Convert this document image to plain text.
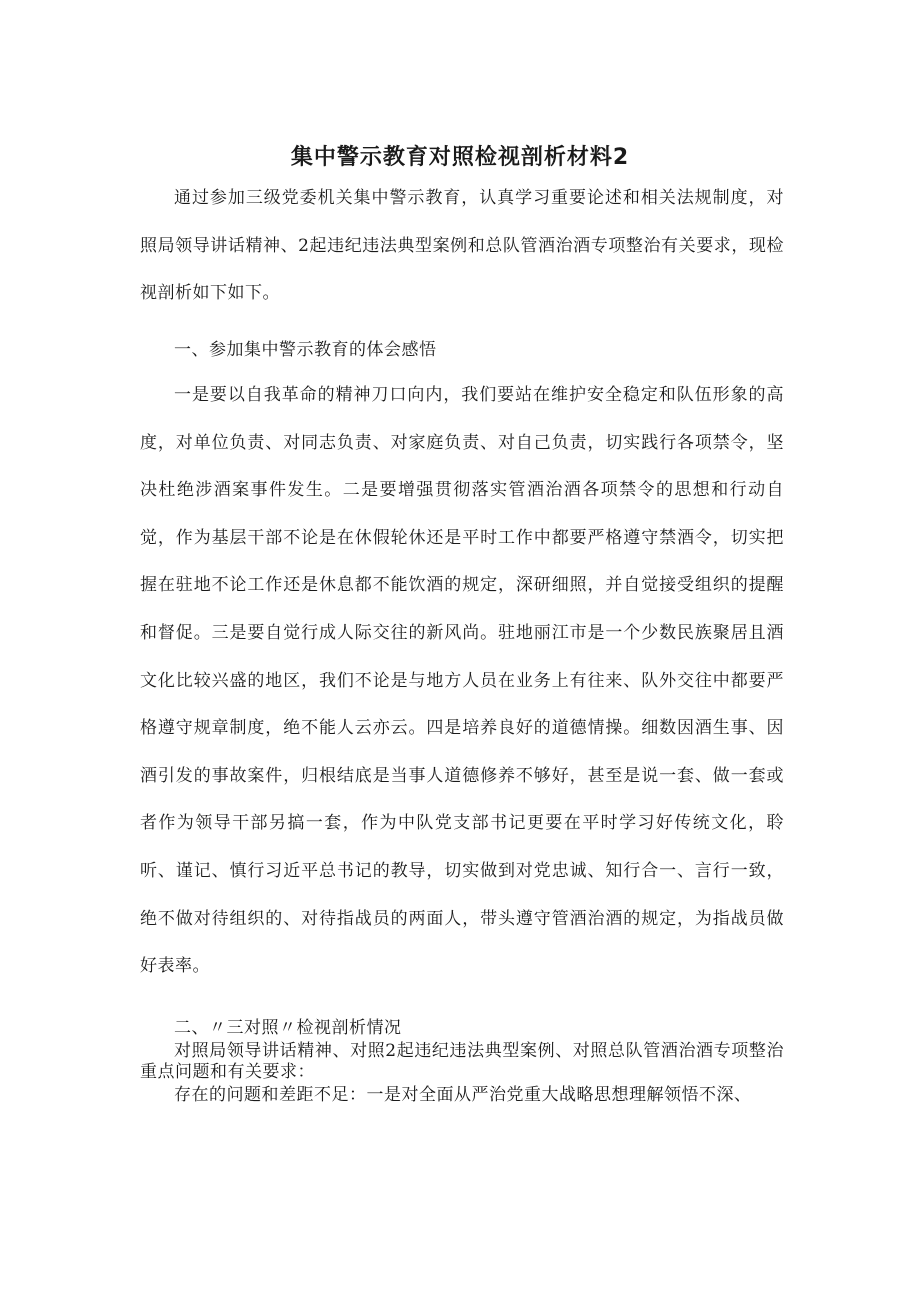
集中警示教育对照检视剖析材料2

通过参加三级党委机关集中警示教育，认真学习重要论述和相关法规制度，对照局领导讲话精神、2起违纪违法典型案例和总队管酒治酒专项整治有关要求，现检视剖析如下如下。

一、参加集中警示教育的体会感悟

一是要以自我革命的精神刀口向内，我们要站在维护安全稳定和队伍形象的高度，对单位负责、对同志负责、对家庭负责、对自己负责，切实践行各项禁令，坚决杜绝涉酒案事件发生。二是要增强贯彻落实管酒治酒各项禁令的思想和行动自觉，作为基层干部不论是在休假轮休还是平时工作中都要严格遵守禁酒令，切实把握在驻地不论工作还是休息都不能饮酒的规定，深研细照，并自觉接受组织的提醒和督促。三是要自觉行成人际交往的新风尚。驻地丽江市是一个少数民族聚居且酒文化比较兴盛的地区，我们不论是与地方人员在业务上有往来、队外交往中都要严格遵守规章制度，绝不能人云亦云。四是培养良好的道德情操。细数因酒生事、因酒引发的事故案件，归根结底是当事人道德修养不够好，甚至是说一套、做一套或者作为领导干部另搞一套，作为中队党支部书记更要在平时学习好传统文化，聆听、谨记、慎行习近平总书记的教导，切实做到对党忠诚、知行合一、言行一致，绝不做对待组织的、对待指战员的两面人，带头遵守管酒治酒的规定，为指战员做好表率。

二、〃三对照〃检视剖析情况

对照局领导讲话精神、对照2起违纪违法典型案例、对照总队管酒治酒专项整治重点问题和有关要求：

存在的问题和差距不足：一是对全面从严治党重大战略思想理解领悟不深、
